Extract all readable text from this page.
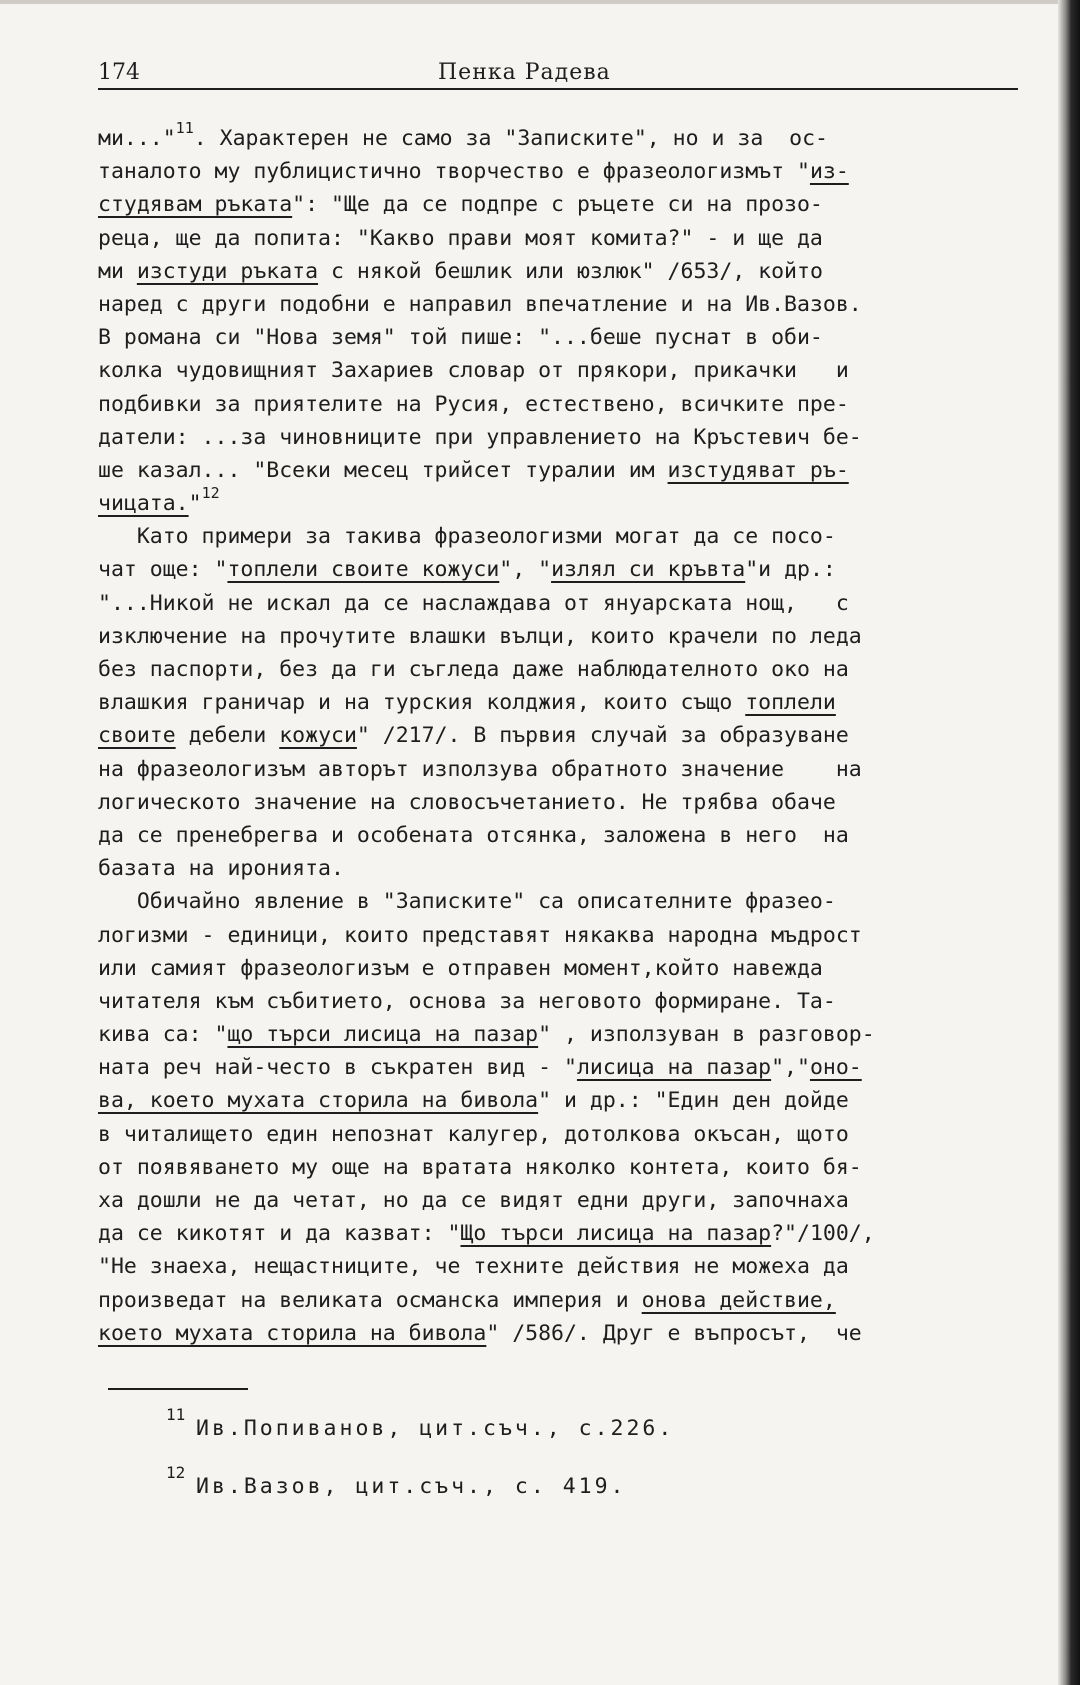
174	Пенка Радева
ми..."$^{11}$. Характерен не само за "Записките", но и за  ос-
таналото му публицистично творчество е фразеологизмът "из-
студявам ръката": "Ще да се подпре с ръцете си на прозо-
реца, ще да попита: "Какво прави моят комита?" - и ще да
ми изстуди ръката с някой бешлик или юзлюк" /653/, който
наред с други подобни е направил впечатление и на Ив.Вазов.
В романа си "Нова земя" той пише: "...беше пуснат в оби-
колка чудовищният Захариев словар от прякори, прикачки   и
подбивки за приятелите на Русия, естествено, всичките пре-
датели: ...за чиновниците при управлението на Кръстевич бе-
ше казал... "Всеки месец трийсет туралии им изстудяват ръ-
чицата."$^{12}$
Като примери за такива фразеологизми могат да се посо-
чат още: "топлели своите кожуси", "излял си кръвта"и др.:
"...Никой не искал да се наслаждава от януарската нощ,   с
изключение на прочутите влашки вълци, които крачели по леда
без паспорти, без да ги съгледа даже наблюдателното око на
влашкия граничар и на турския колджия, които също топлели
своите дебели кожуси" /217/. В първия случай за образуване
на фразеологизъм авторът използува обратното значение    на
логическото значение на словосъчетанието. Не трябва обаче
да се пренебрегва и особената отсянка, заложена в него  на
базата на иронията.
Обичайно явление в "Записките" са описателните фразео-
логизми - единици, които представят някаква народна мъдрост
или самият фразеологизъм е отправен момент,който навежда
читателя към събитието, основа за неговото формиране. Та-
кива са: "що търси лисица на пазар" , използуван в разговор-
ната реч най-често в съкратен вид - "лисица на пазар","оно-
ва, което мухата сторила на бивола" и др.: "Един ден дойде
в читалището един непознат калугер, дотолкова окъсан, щото
от появяването му още на вратата няколко контета, които бя-
ха дошли не да четат, но да се видят едни други, започнаха
да се кикотят и да казват: "Що търси лисица на пазар?"/100/,
"Не знаеха, нещастниците, че техните действия не можеха да
произведат на великата османска империя и онова действие,
което мухата сторила на бивола" /586/. Друг е въпросът,  че
11
Ив.Попиванов, цит.съч., с.226.
12
Ив.Вазов, цит.съч., с. 419.
